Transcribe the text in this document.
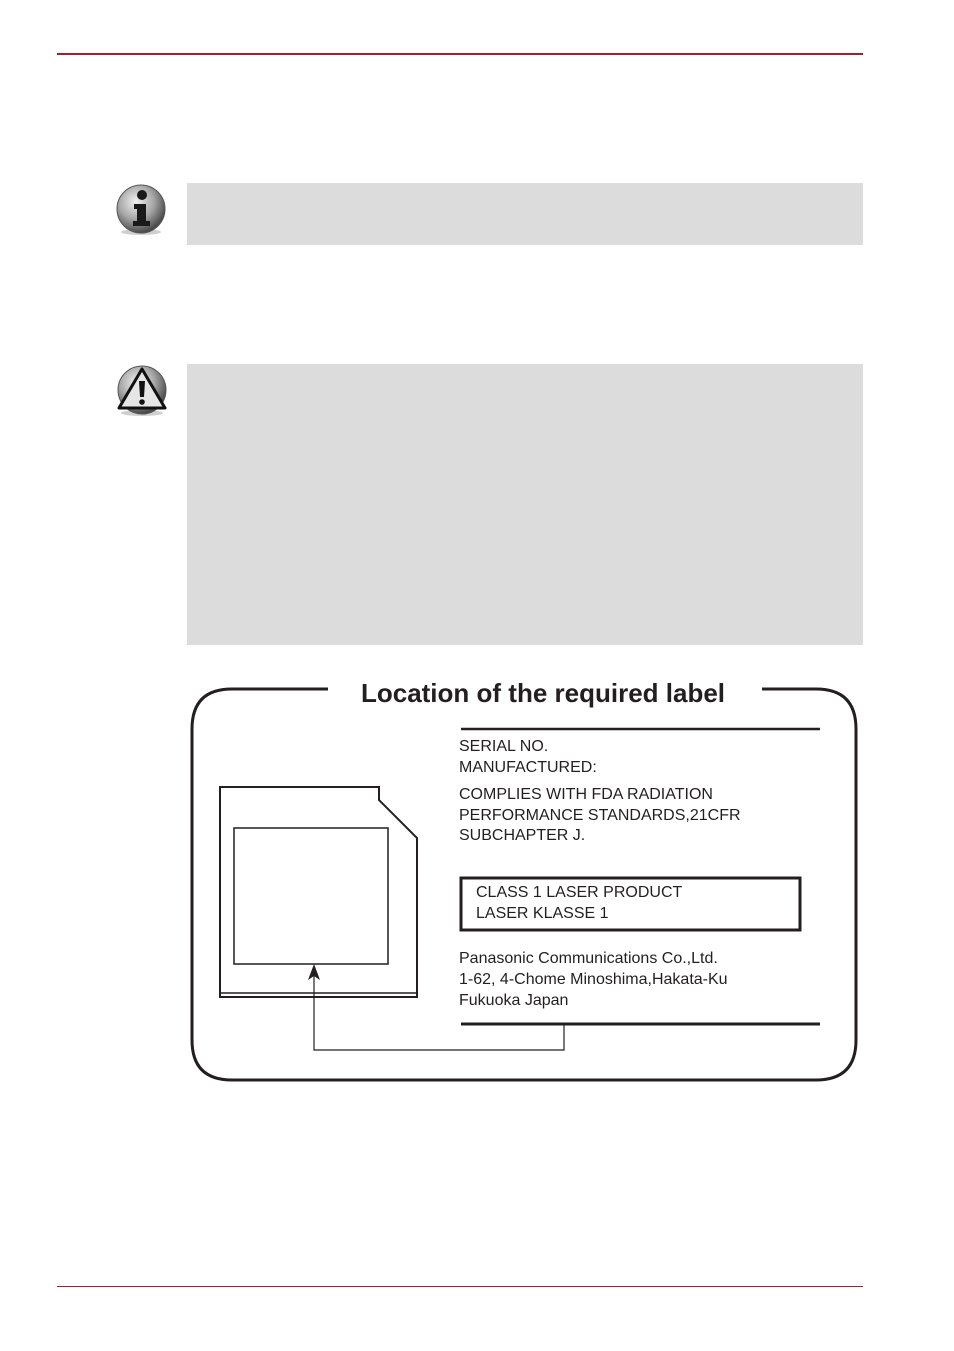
Location of the required label
SERIAL NO.
MANUFACTURED:
COMPLIES WITH FDA RADIATION
PERFORMANCE STANDARDS,21CFR
SUBCHAPTER J.
CLASS 1 LASER PRODUCT
LASER KLASSE 1
Panasonic Communications Co.,Ltd.
1-62, 4-Chome Minoshima,Hakata-Ku
Fukuoka Japan
